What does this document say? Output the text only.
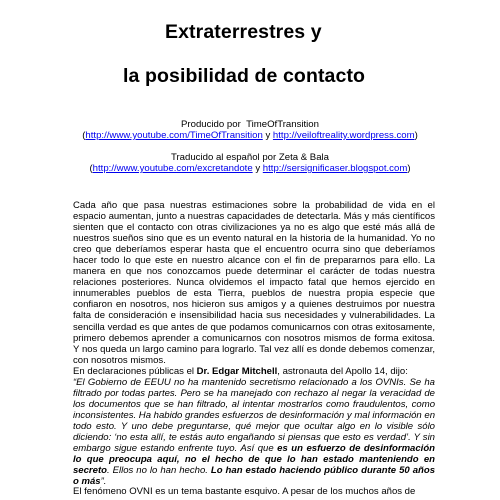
Extraterrestres y
la posibilidad de contacto
Producido por TimeOfTransition
(http://www.youtube.com/TimeOfTransition y http://veiloftreality.wordpress.com)
Traducido al español por Zeta & Bala
(http://www.youtube.com/excretandote y http://sersignificaser.blogspot.com)

Cada año que pasa nuestras estimaciones sobre la probabilidad de vida en el espacio aumentan, junto a nuestras capacidades de detectarla. Más y más científicos sienten que el contacto con otras civilizaciones ya no es algo que esté más allá de nuestros sueños sino que es un evento natural en la historia de la humanidad. Yo no creo que deberíamos esperar hasta que el encuentro ocurra sino que deberíamos hacer todo lo que este en nuestro alcance con el fin de prepararnos para ello. La manera en que nos conozcamos puede determinar el carácter de todas nuestra relaciones posteriores. Nunca olvidemos el impacto fatal que hemos ejercido en innumerables pueblos de esta Tierra, pueblos de nuestra propia especie que confiaron en nosotros, nos hicieron sus amigos y a quienes destruimos por nuestra falta de consideración e insensibilidad hacia sus necesidades y vulnerabilidades. La sencilla verdad es que antes de que podamos comunicarnos con otras exitosamente, primero debemos aprender a comunicarnos con nosotros mismos de forma exitosa. Y nos queda un largo camino para lograrlo. Tal vez allí es donde debemos comenzar, con nosotros mismos.

En declaraciones públicas el Dr. Edgar Mitchell, astronauta del Apollo 14, dijo:

“El Gobierno de EEUU no ha mantenido secretismo relacionado a los OVNIs. Se ha filtrado por todas partes. Pero se ha manejado con rechazo al negar la veracidad de los documentos que se han filtrado, al intentar mostrarlos como fraudulentos, como inconsistentes. Ha habido grandes esfuerzos de desinformación y mal información en todo esto. Y uno debe preguntarse, qué mejor que ocultar algo en lo visible sólo diciendo: ‘no esta allí, te estás auto engañando si piensas que esto es verdad’. Y sin embargo sigue estando enfrente tuyo. Así que es un esfuerzo de desinformación lo que preocupa aquí, no el hecho de que lo han estado manteniendo en secreto. Ellos no lo han hecho. Lo han estado haciendo público durante 50 años o más”.

El fenómeno OVNI es un tema bastante esquivo. A pesar de los muchos años de
